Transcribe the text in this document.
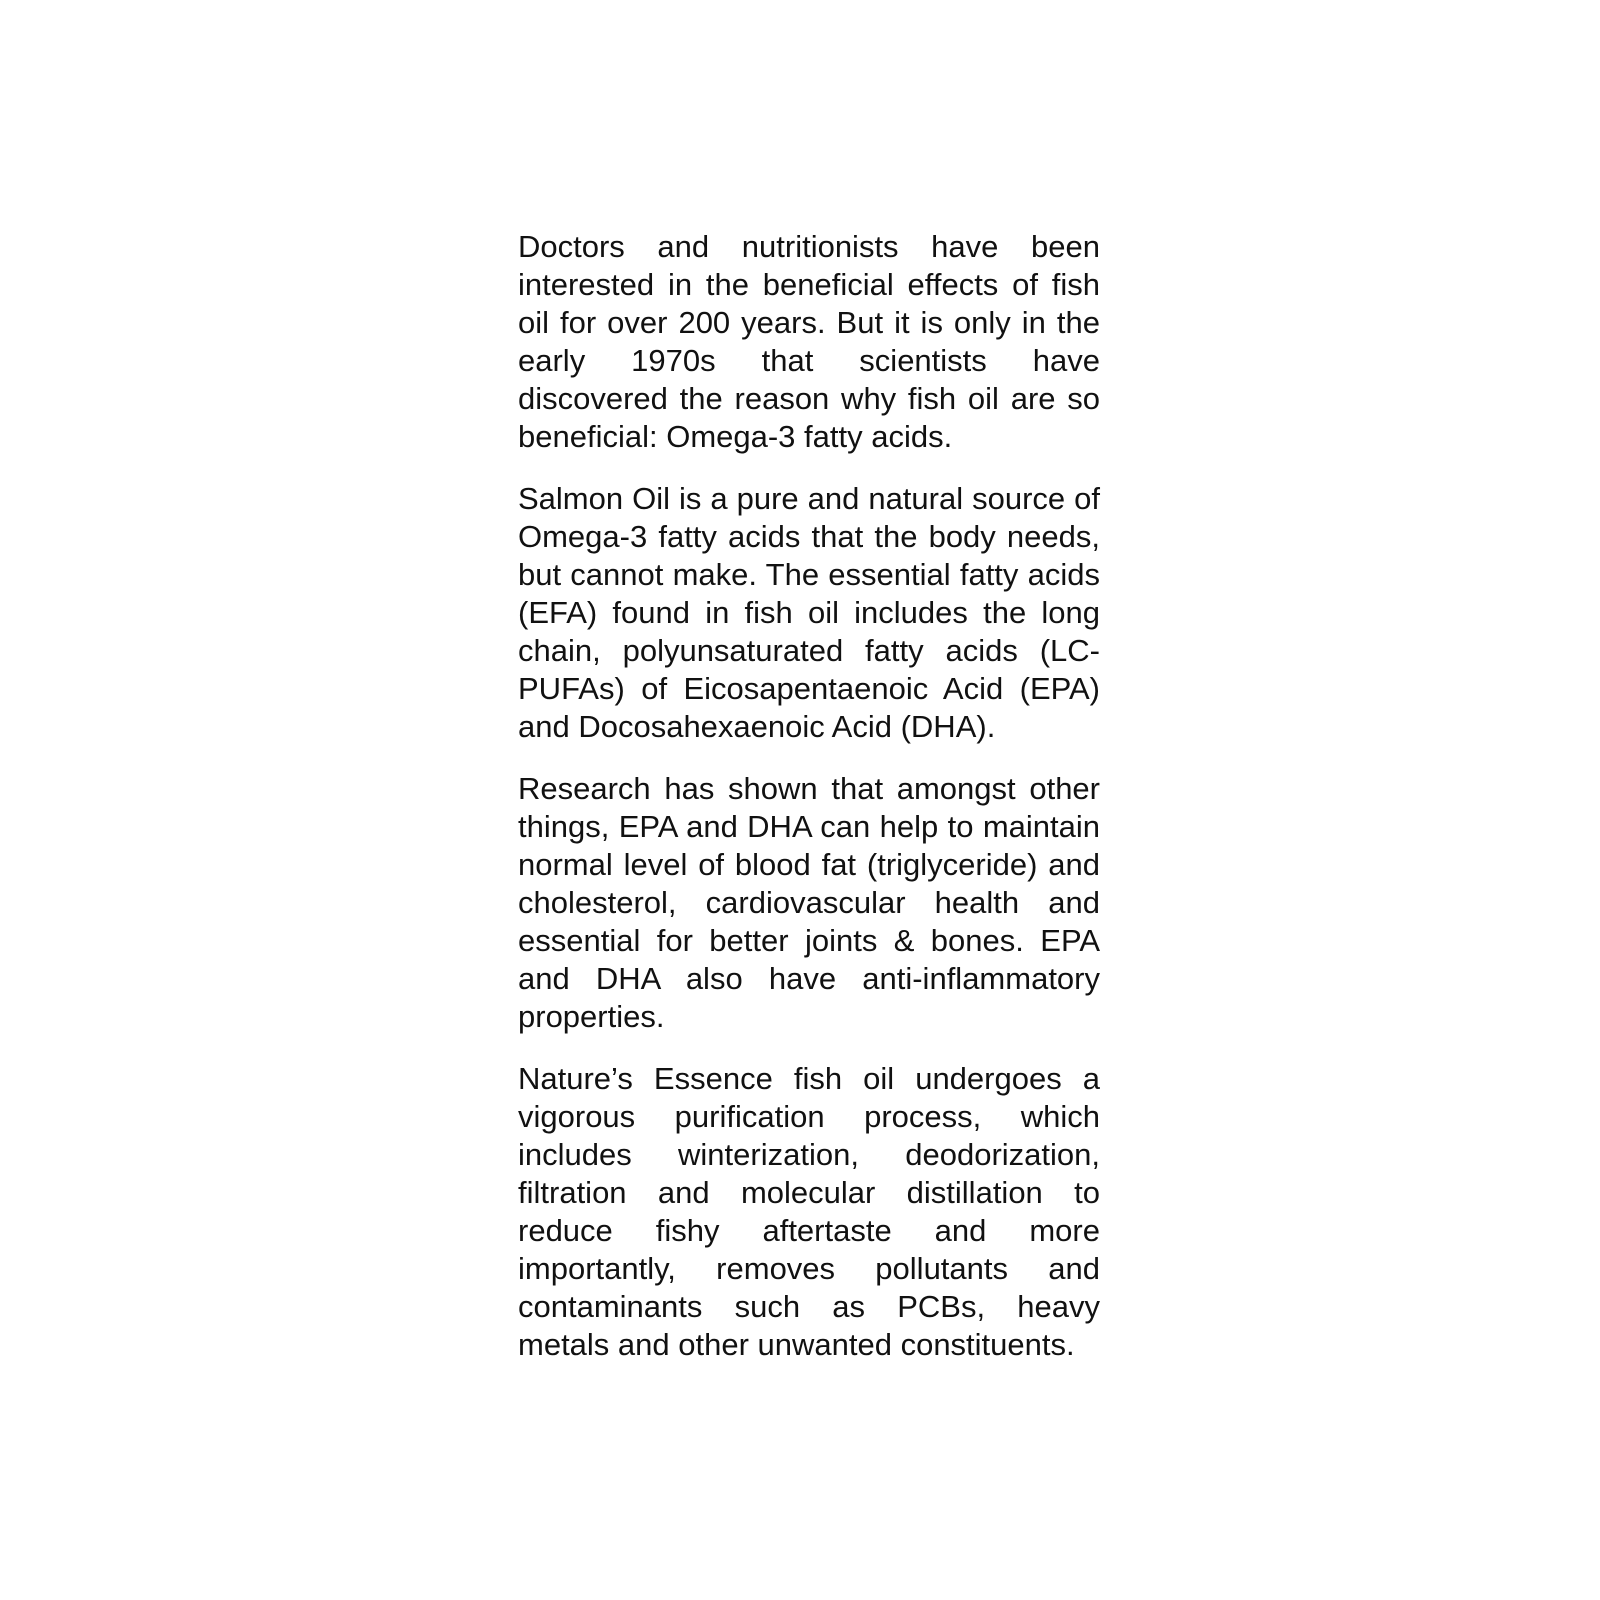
Doctors and nutritionists have been interested in the beneficial effects of fish oil for over 200 years. But it is only in the early 1970s that scientists have discovered the reason why fish oil are so beneficial: Omega-3 fatty acids.

Salmon Oil is a pure and natural source of Omega-3 fatty acids that the body needs, but cannot make. The essential fatty acids (EFA) found in fish oil includes the long chain, polyunsaturated fatty acids (LC-PUFAs) of Eicosapentaenoic Acid (EPA) and Docosahexaenoic Acid (DHA).

Research has shown that amongst other things, EPA and DHA can help to maintain normal level of blood fat (triglyceride) and cholesterol, cardiovascular health and essential for better joints & bones. EPA and DHA also have anti-inflammatory properties.

Nature’s Essence fish oil undergoes a vigorous purification process, which includes winterization, deodorization, filtration and molecular distillation to reduce fishy aftertaste and more importantly, removes pollutants and contaminants such as PCBs, heavy metals and other unwanted constituents.
